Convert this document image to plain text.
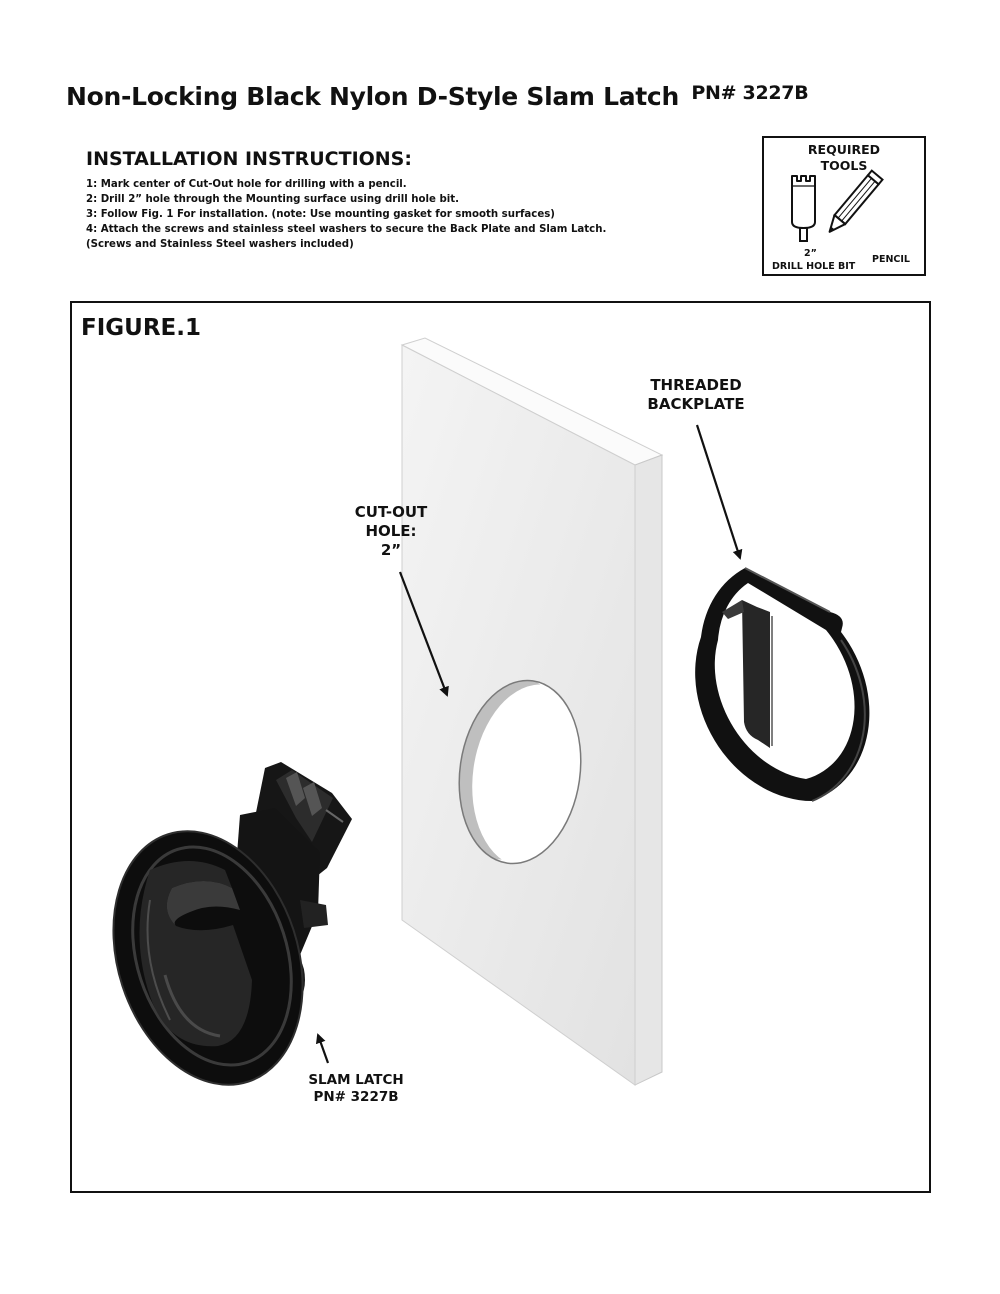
Non-Locking Black Nylon D-Style Slam Latch $^{PN\# 3227B}$
INSTALLATION INSTRUCTIONS:
1: Mark center of Cut-Out hole for drilling with a pencil.
2: Drill 2” hole through the Mounting surface using drill hole bit.
3: Follow Fig. 1 For installation. (note: Use mounting gasket for smooth surfaces)
4: Attach the screws and stainless steel washers to secure the Back Plate and Slam Latch.
(Screws and Stainless Steel washers included)
REQUIRED
TOOLS
2”
DRILL HOLE BIT
PENCIL
FIGURE.1
CUT-OUT
HOLE:
2”
THREADED
BACKPLATE
SLAM LATCH
PN# 3227B
